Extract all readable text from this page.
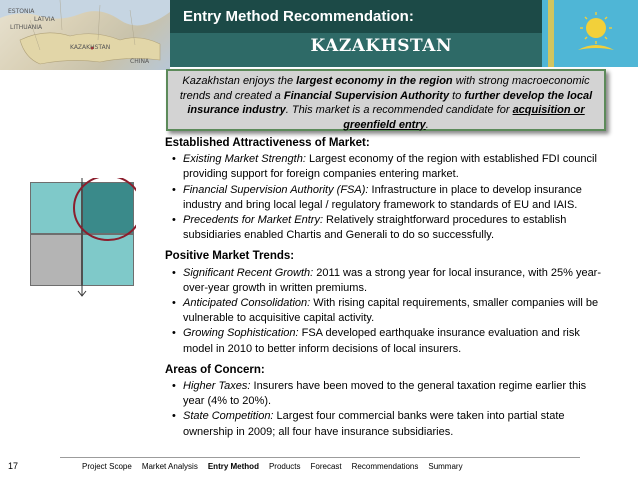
ESTONIA
LATVIA
LITHUANIA
KAZAKHSTAN
CHINA
Entry Method Recommendation:
KAZAKHSTAN
Kazakhstan enjoys the largest economy in the region with strong macroeconomic trends and created a Financial Supervision Authority to further develop the local insurance industry. This market is a recommended candidate for acquisition or greenfield entry.
Established Attractiveness of Market:
• Existing Market Strength: Largest economy of the region with established FDI council providing support for foreign companies entering market.
• Financial Supervision Authority (FSA): Infrastructure in place to develop insurance industry and bring local legal / regulatory framework to standards of EU and IAIS.
• Precedents for Market Entry: Relatively straightforward procedures to establish subsidiaries enabled Chartis and Generali to do so successfully.
Positive Market Trends:
• Significant Recent Growth: 2011 was a strong year for local insurance, with 25% year-over-year growth in written premiums.
• Anticipated Consolidation: With rising capital requirements, smaller companies will be vulnerable to acquisitive capital activity.
• Growing Sophistication: FSA developed earthquake insurance evaluation and risk model in 2010 to better inform decisions of local insurers.
Areas of Concern:
• Higher Taxes: Insurers have been moved to the general taxation regime earlier this year (4% to 20%).
• State Competition: Largest four commercial banks were taken into partial state ownership in 2009; all four have insurance subsidiaries.
17	Project Scope Market Analysis Entry Method Products Forecast Recommendations Summary
